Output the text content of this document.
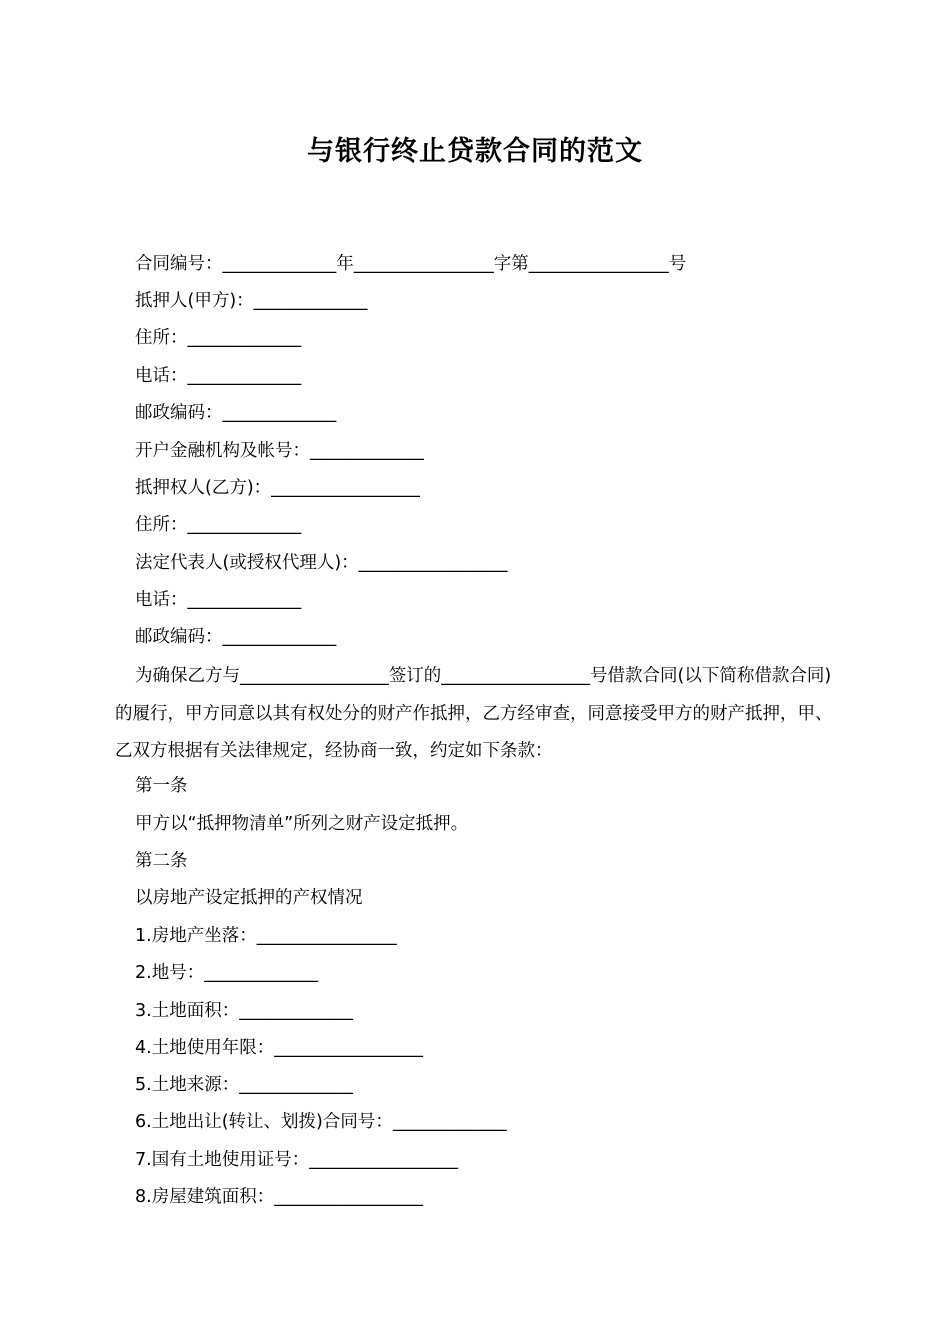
与银行终止贷款合同的范文
合同编号：_____________年________________字第________________号
抵押人(甲方)：_____________
住所：_____________
电话：_____________
邮政编码：_____________
开户金融机构及帐号：_____________
抵押权人(乙方)：_________________
住所：_____________
法定代表人(或授权代理人)：_________________
电话：_____________
邮政编码：_____________
为确保乙方与_________________签订的_________________号借款合同(以下简称借款合同)的履行，甲方同意以其有权处分的财产作抵押，乙方经审查，同意接受甲方的财产抵押，甲、乙双方根据有关法律规定，经协商一致，约定如下条款：
第一条
甲方以“抵押物清单”所列之财产设定抵押。
第二条
以房地产设定抵押的产权情况
1.房地产坐落：________________
2.地号：_____________
3.土地面积：_____________
4.土地使用年限：_________________
5.土地来源：_____________
6.土地出让(转让、划拨)合同号：_____________
7.国有土地使用证号：_________________
8.房屋建筑面积：_________________
